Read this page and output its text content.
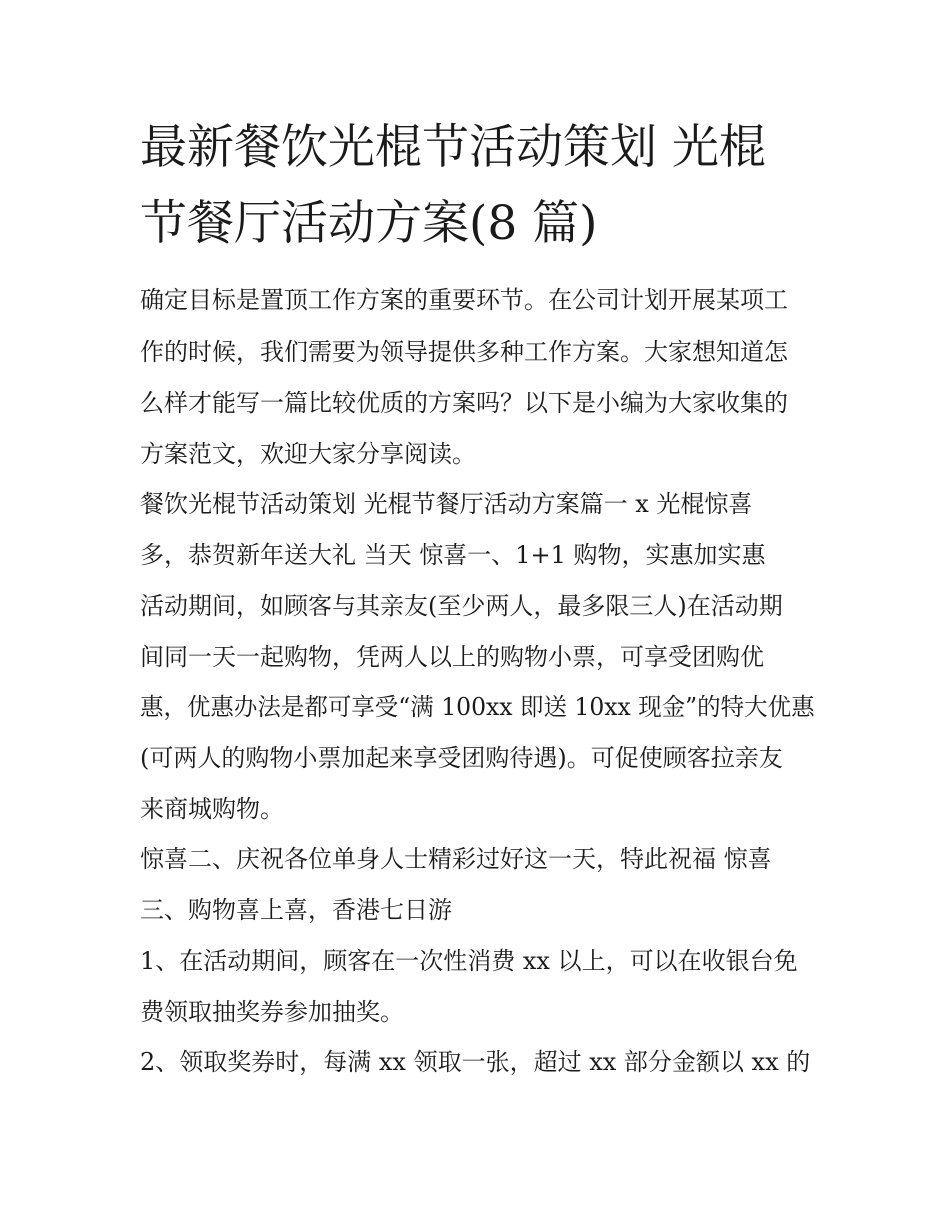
最新餐饮光棍节活动策划 光棍
节餐厅活动方案(8 篇)
确定目标是置顶工作方案的重要环节。在公司计划开展某项工
作的时候，我们需要为领导提供多种工作方案。大家想知道怎
么样才能写一篇比较优质的方案吗？以下是小编为大家收集的
方案范文，欢迎大家分享阅读。
餐饮光棍节活动策划 光棍节餐厅活动方案篇一 x 光棍惊喜
多，恭贺新年送大礼 当天 惊喜一、1+1 购物，实惠加实惠
活动期间，如顾客与其亲友(至少两人，最多限三人)在活动期
间同一天一起购物，凭两人以上的购物小票，可享受团购优
惠，优惠办法是都可享受“满 100xx 即送 10xx 现金”的特大优惠
(可两人的购物小票加起来享受团购待遇)。可促使顾客拉亲友
来商城购物。
惊喜二、庆祝各位单身人士精彩过好这一天，特此祝福 惊喜
三、购物喜上喜，香港七日游
1、在活动期间，顾客在一次性消费 xx 以上，可以在收银台免
费领取抽奖券参加抽奖。
2、领取奖券时，每满 xx 领取一张，超过 xx 部分金额以 xx 的
